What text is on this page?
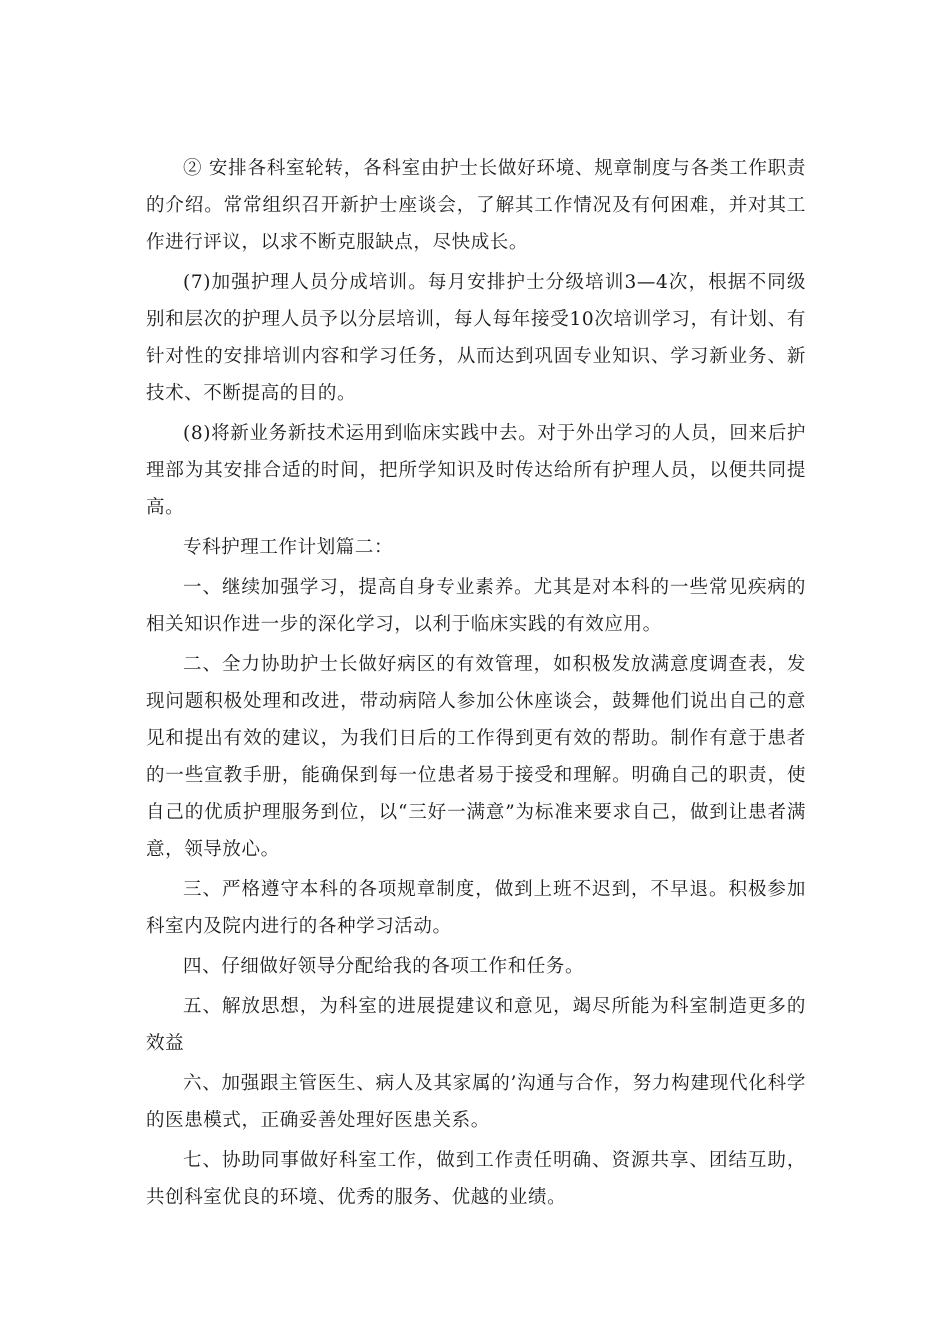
② 安排各科室轮转，各科室由护士长做好环境、规章制度与各类工作职责的介绍。常常组织召开新护士座谈会，了解其工作情况及有何困难，并对其工作进行评议，以求不断克服缺点，尽快成长。

(7)加强护理人员分成培训。每月安排护士分级培训3—4次，根据不同级别和层次的护理人员予以分层培训，每人每年接受10次培训学习，有计划、有针对性的安排培训内容和学习任务，从而达到巩固专业知识、学习新业务、新技术、不断提高的目的。

(8)将新业务新技术运用到临床实践中去。对于外出学习的人员，回来后护理部为其安排合适的时间，把所学知识及时传达给所有护理人员，以便共同提高。

专科护理工作计划篇二：

一、继续加强学习，提高自身专业素养。尤其是对本科的一些常见疾病的相关知识作进一步的深化学习，以利于临床实践的有效应用。

二、全力协助护士长做好病区的有效管理，如积极发放满意度调查表，发现问题积极处理和改进，带动病陪人参加公休座谈会，鼓舞他们说出自己的意见和提出有效的建议，为我们日后的工作得到更有效的帮助。制作有意于患者的一些宣教手册，能确保到每一位患者易于接受和理解。明确自己的职责，使自己的优质护理服务到位，以“三好一满意”为标准来要求自己，做到让患者满意，领导放心。

三、严格遵守本科的各项规章制度，做到上班不迟到，不早退。积极参加科室内及院内进行的各种学习活动。

四、仔细做好领导分配给我的各项工作和任务。

五、解放思想，为科室的进展提建议和意见，竭尽所能为科室制造更多的效益

六、加强跟主管医生、病人及其家属的’沟通与合作，努力构建现代化科学的医患模式，正确妥善处理好医患关系。

七、协助同事做好科室工作，做到工作责任明确、资源共享、团结互助，共创科室优良的环境、优秀的服务、优越的业绩。
